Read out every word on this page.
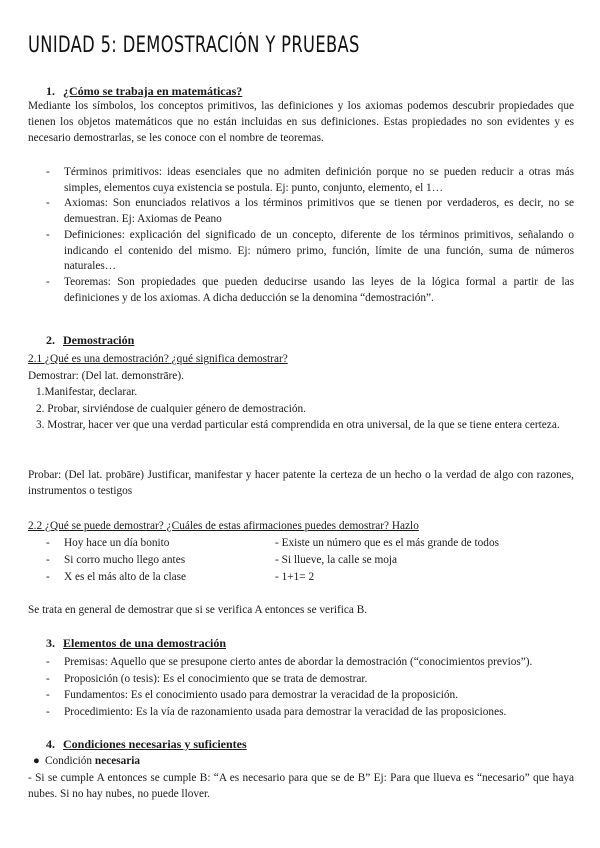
UNIDAD 5: DEMOSTRACIÓN Y PRUEBAS
1. ¿Cómo se trabaja en matemáticas?
Mediante los símbolos, los conceptos primitivos, las definiciones y los axiomas podemos descubrir propiedades que tienen los objetos matemáticos que no están incluidas en sus definiciones. Estas propiedades no son evidentes y es necesario demostrarlas, se les conoce con el nombre de teoremas.
- Términos primitivos: ideas esenciales que no admiten definición porque no se pueden reducir a otras más simples, elementos cuya existencia se postula. Ej: punto, conjunto, elemento, el 1…
- Axiomas: Son enunciados relativos a los términos primitivos que se tienen por verdaderos, es decir, no se demuestran. Ej: Axiomas de Peano
- Definiciones: explicación del significado de un concepto, diferente de los términos primitivos, señalando o indicando el contenido del mismo. Ej: número primo, función, límite de una función, suma de números naturales…
- Teoremas: Son propiedades que pueden deducirse usando las leyes de la lógica formal a partir de las definiciones y de los axiomas. A dicha deducción se la denomina “demostración”.
2. Demostración
2.1 ¿Qué es una demostración? ¿qué significa demostrar?
Demostrar: (Del lat. demonstrāre).
1.Manifestar, declarar.
2. Probar, sirviéndose de cualquier género de demostración.
3. Mostrar, hacer ver que una verdad particular está comprendida en otra universal, de la que se tiene entera certeza.
Probar: (Del lat. probāre) Justificar, manifestar y hacer patente la certeza de un hecho o la verdad de algo con razones, instrumentos o testigos
2.2 ¿Qué se puede demostrar? ¿Cuáles de estas afirmaciones puedes demostrar? Hazlo
- Hoy hace un día bonito	- Existe un número que es el más grande de todos
- Si corro mucho llego antes	- Si llueve, la calle se moja
- X es el más alto de la clase	- 1+1= 2
Se trata en general de demostrar que si se verifica A entonces se verifica B.
3. Elementos de una demostración
- Premisas: Aquello que se presupone cierto antes de abordar la demostración (“conocimientos previos”).
- Proposición (o tesis): Es el conocimiento que se trata de demostrar.
- Fundamentos: Es el conocimiento usado para demostrar la veracidad de la proposición.
- Procedimiento: Es la vía de razonamiento usada para demostrar la veracidad de las proposiciones.
4. Condiciones necesarias y suficientes
● Condición necesaria
- Si se cumple A entonces se cumple B: “A es necesario para que se de B” Ej: Para que llueva es “necesario” que haya nubes. Si no hay nubes, no puede llover.
